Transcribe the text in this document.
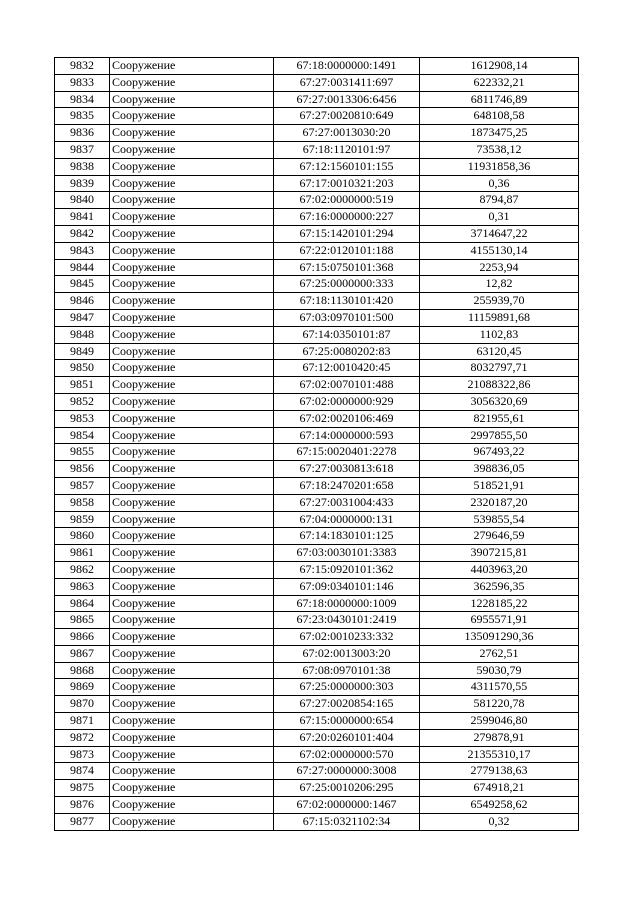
9832	Сооружение	67:18:0000000:1491	1612908,14
9833	Сооружение	67:27:0031411:697	622332,21
9834	Сооружение	67:27:0013306:6456	6811746,89
9835	Сооружение	67:27:0020810:649	648108,58
9836	Сооружение	67:27:0013030:20	1873475,25
9837	Сооружение	67:18:1120101:97	73538,12
9838	Сооружение	67:12:1560101:155	11931858,36
9839	Сооружение	67:17:0010321:203	0,36
9840	Сооружение	67:02:0000000:519	8794,87
9841	Сооружение	67:16:0000000:227	0,31
9842	Сооружение	67:15:1420101:294	3714647,22
9843	Сооружение	67:22:0120101:188	4155130,14
9844	Сооружение	67:15:0750101:368	2253,94
9845	Сооружение	67:25:0000000:333	12,82
9846	Сооружение	67:18:1130101:420	255939,70
9847	Сооружение	67:03:0970101:500	11159891,68
9848	Сооружение	67:14:0350101:87	1102,83
9849	Сооружение	67:25:0080202:83	63120,45
9850	Сооружение	67:12:0010420:45	8032797,71
9851	Сооружение	67:02:0070101:488	21088322,86
9852	Сооружение	67:02:0000000:929	3056320,69
9853	Сооружение	67:02:0020106:469	821955,61
9854	Сооружение	67:14:0000000:593	2997855,50
9855	Сооружение	67:15:0020401:2278	967493,22
9856	Сооружение	67:27:0030813:618	398836,05
9857	Сооружение	67:18:2470201:658	518521,91
9858	Сооружение	67:27:0031004:433	2320187,20
9859	Сооружение	67:04:0000000:131	539855,54
9860	Сооружение	67:14:1830101:125	279646,59
9861	Сооружение	67:03:0030101:3383	3907215,81
9862	Сооружение	67:15:0920101:362	4403963,20
9863	Сооружение	67:09:0340101:146	362596,35
9864	Сооружение	67:18:0000000:1009	1228185,22
9865	Сооружение	67:23:0430101:2419	6955571,91
9866	Сооружение	67:02:0010233:332	135091290,36
9867	Сооружение	67:02:0013003:20	2762,51
9868	Сооружение	67:08:0970101:38	59030,79
9869	Сооружение	67:25:0000000:303	4311570,55
9870	Сооружение	67:27:0020854:165	581220,78
9871	Сооружение	67:15:0000000:654	2599046,80
9872	Сооружение	67:20:0260101:404	279878,91
9873	Сооружение	67:02:0000000:570	21355310,17
9874	Сооружение	67:27:0000000:3008	2779138,63
9875	Сооружение	67:25:0010206:295	674918,21
9876	Сооружение	67:02:0000000:1467	6549258,62
9877	Сооружение	67:15:0321102:34	0,32
